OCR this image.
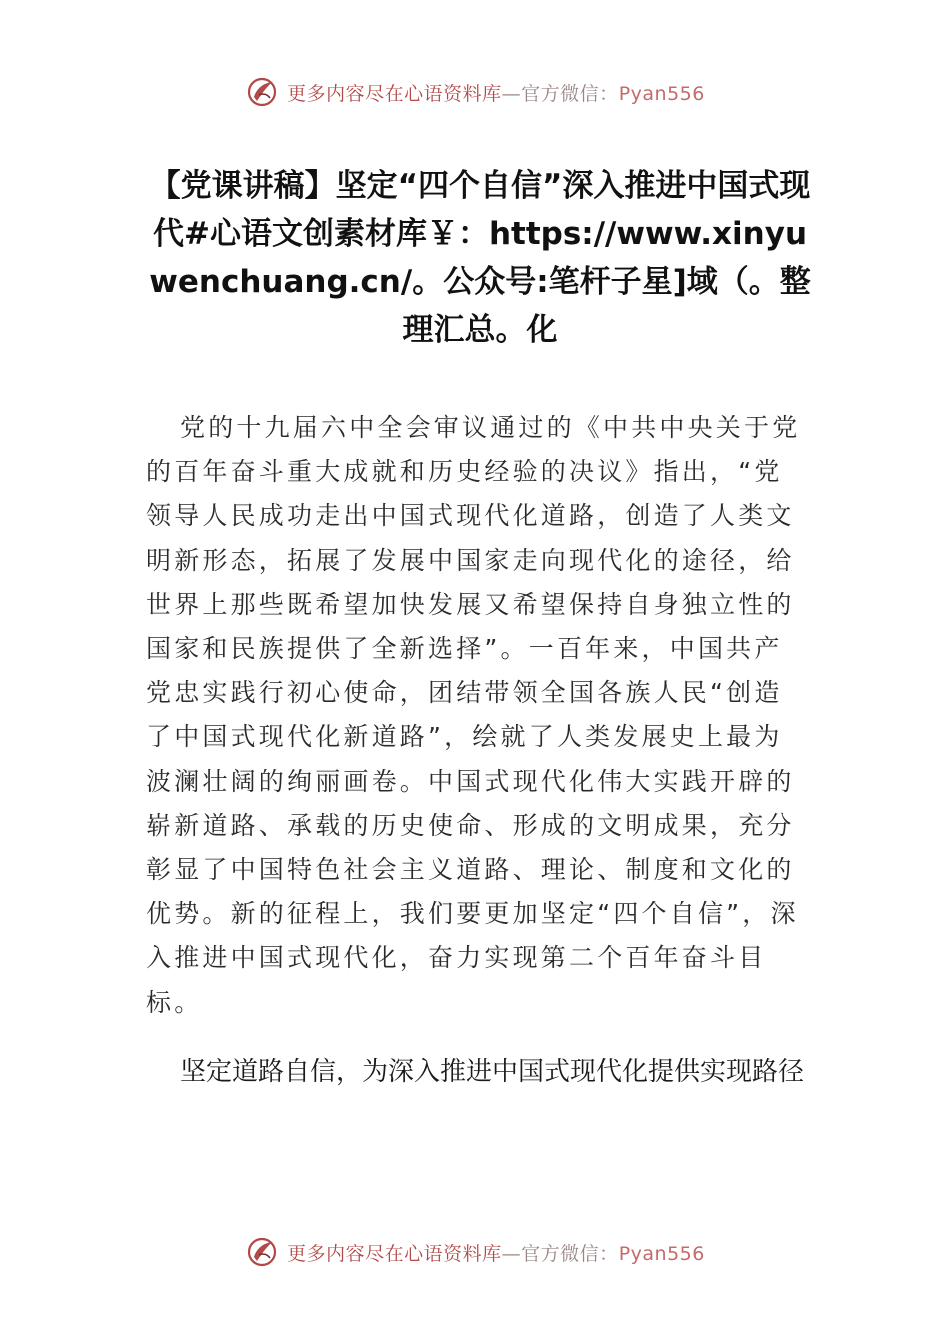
更多内容尽在心语资料库—官方微信：Pyan556
【党课讲稿】坚定“四个自信”深入推进中国式现代#心语文创素材库￥：https://www.xinyuwenchuang.cn/。公众号:笔杆子星]域（。整理汇总。化

党的十九届六中全会审议通过的《中共中央关于党的百年奋斗重大成就和历史经验的决议》指出，“党领导人民成功走出中国式现代化道路，创造了人类文明新形态，拓展了发展中国家走向现代化的途径，给世界上那些既希望加快发展又希望保持自身独立性的国家和民族提供了全新选择”。一百年来，中国共产党忠实践行初心使命，团结带领全国各族人民“创造了中国式现代化新道路”，绘就了人类发展史上最为波澜壮阔的绚丽画卷。中国式现代化伟大实践开辟的崭新道路、承载的历史使命、形成的文明成果，充分彰显了中国特色社会主义道路、理论、制度和文化的优势。新的征程上，我们要更加坚定“四个自信”，深入推进中国式现代化，奋力实现第二个百年奋斗目标。

坚定道路自信，为深入推进中国式现代化提供实现路径

更多内容尽在心语资料库—官方微信：Pyan556
